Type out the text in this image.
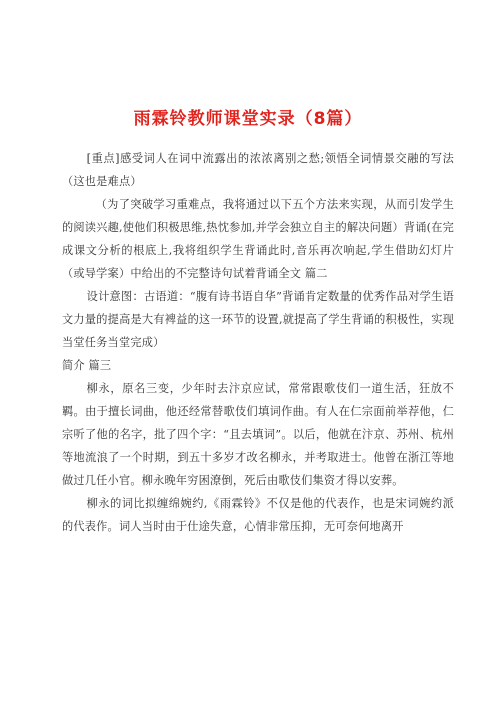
雨霖铃教师课堂实录（8篇）

[重点]感受词人在词中流露出的浓浓离别之愁;领悟全词情景交融的写法（这也是难点）

（为了突破学习重难点，我将通过以下五个方法来实现，从而引发学生的阅读兴趣,使他们积极思维,热忱参加,并学会独立自主的解决问题）背诵(在完成课文分析的根底上,我将组织学生背诵此时,音乐再次响起,学生借助幻灯片（或导学案）中给出的不完整诗句试着背诵全文 篇二

设计意图：古语道：“腹有诗书语自华”背诵肯定数量的优秀作品对学生语文力量的提高是大有裨益的这一环节的设置,就提高了学生背诵的积极性，实现当堂任务当堂完成）

简介 篇三

柳永，原名三变，少年时去汴京应试，常常跟歌伎们一道生活，狂放不羁。由于擅长词曲，他还经常替歌伎们填词作曲。有人在仁宗面前举荐他，仁宗听了他的名字，批了四个字：“且去填词”。以后，他就在汴京、苏州、杭州等地流浪了一个时期，到五十多岁才改名柳永，并考取进士。他曾在浙江等地做过几任小官。柳永晚年穷困潦倒，死后由歌伎们集资才得以安葬。

柳永的词比拟缠绵婉约,《雨霖铃》不仅是他的代表作，也是宋词婉约派的代表作。词人当时由于仕途失意，心情非常压抑，无可奈何地离开
